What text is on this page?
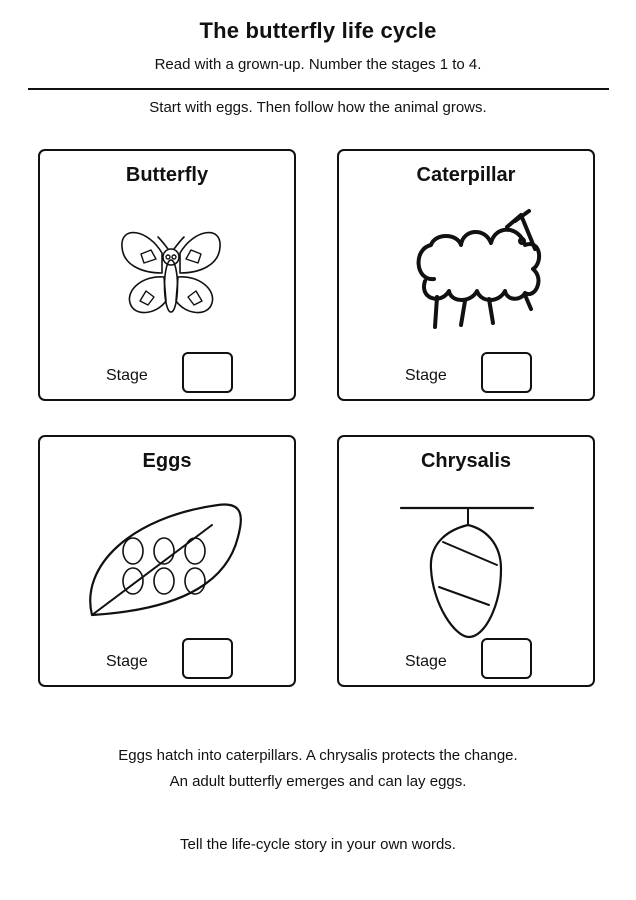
The butterfly life cycle
Read with a grown-up. Number the stages 1 to 4.
Start with eggs. Then follow how the animal grows.
Butterfly
Stage
Caterpillar
Stage
Eggs
Stage
Chrysalis
Stage
Eggs hatch into caterpillars. A chrysalis protects the change.
An adult butterfly emerges and can lay eggs.
Tell the life-cycle story in your own words.
